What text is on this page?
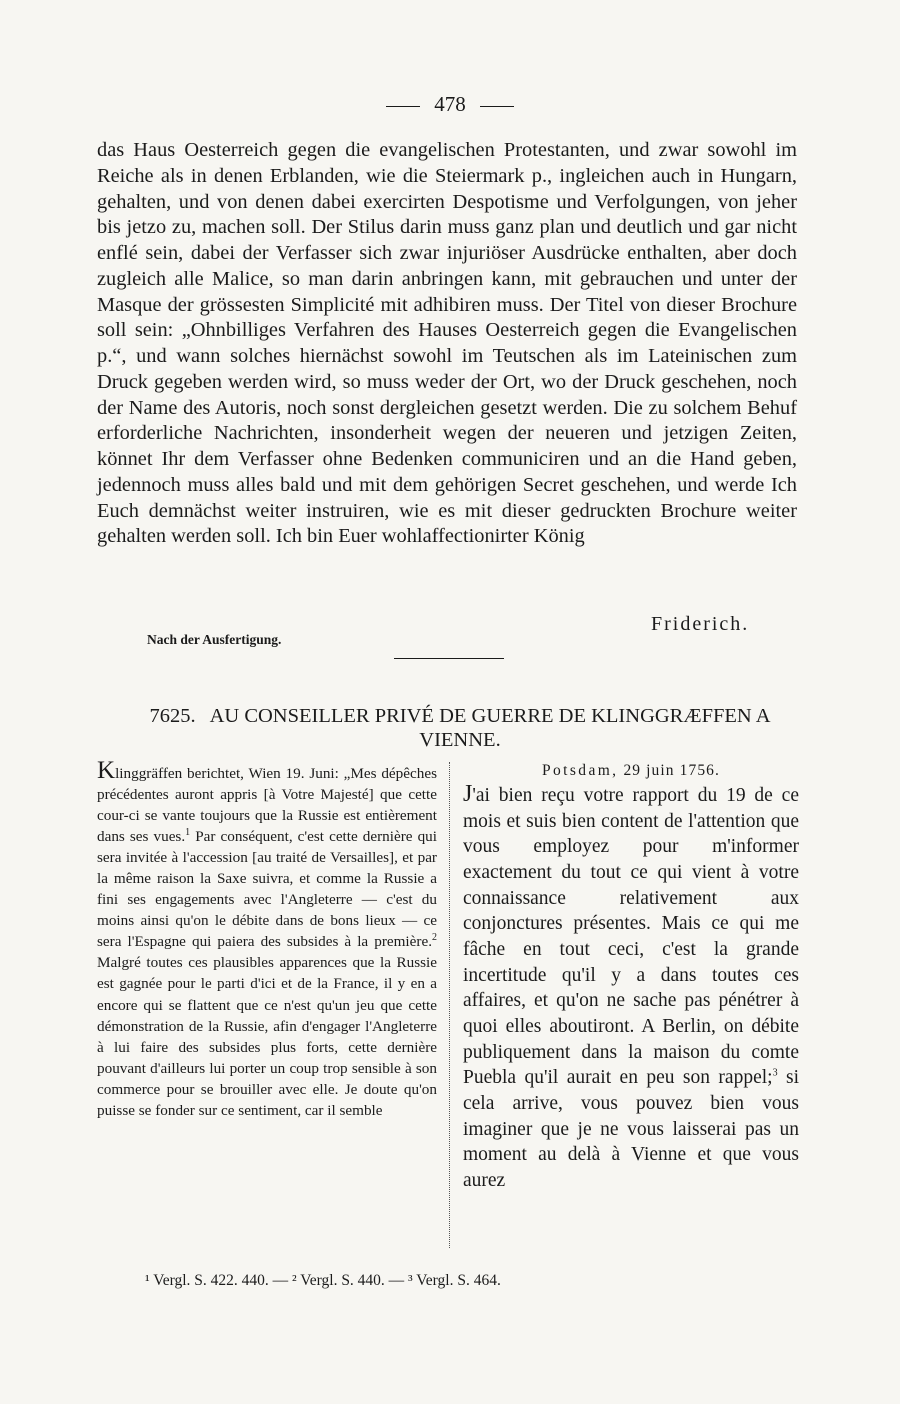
478

das Haus Oesterreich gegen die evangelischen Protestanten, und zwar sowohl im Reiche als in denen Erblanden, wie die Steiermark p., ingleichen auch in Hungarn, gehalten, und von denen dabei exercirten Despotisme und Verfolgungen, von jeher bis jetzo zu, machen soll. Der Stilus darin muss ganz plan und deutlich und gar nicht enflé sein, dabei der Verfasser sich zwar injuriöser Ausdrücke enthalten, aber doch zugleich alle Malice, so man darin anbringen kann, mit gebrauchen und unter der Masque der grössesten Simplicité mit adhibiren muss. Der Titel von dieser Brochure soll sein: „Ohnbilliges Verfahren des Hauses Oesterreich gegen die Evangelischen p.“, und wann solches hiernächst sowohl im Teutschen als im Lateinischen zum Druck gegeben werden wird, so muss weder der Ort, wo der Druck geschehen, noch der Name des Autoris, noch sonst dergleichen gesetzt werden. Die zu solchem Behuf erforderliche Nachrichten, insonderheit wegen der neueren und jetzigen Zeiten, könnet Ihr dem Verfasser ohne Bedenken communiciren und an die Hand geben, jedennoch muss alles bald und mit dem gehörigen Secret geschehen, und werde Ich Euch demnächst weiter instruiren, wie es mit dieser gedruckten Brochure weiter gehalten werden soll. Ich bin Euer wohlaffectionirter König

Friderich.
Nach der Ausfertigung.
7625. AU CONSEILLER PRIVÉ DE GUERRE DE KLINGGRÆFFEN A VIENNE.

Klinggräffen berichtet, Wien 19. Juni: „Mes dépêches précédentes auront appris [à Votre Majesté] que cette cour-ci se vante toujours que la Russie est entièrement dans ses vues.$^1$ Par conséquent, c'est cette dernière qui sera invitée à l'accession [au traité de Versailles], et par la même raison la Saxe suivra, et comme la Russie a fini ses engagements avec l'Angleterre — c'est du moins ainsi qu'on le débite dans de bons lieux — ce sera l'Espagne qui paiera des subsides à la première.$^2$ Malgré toutes ces plausibles apparences que la Russie est gagnée pour le parti d'ici et de la France, il y en a encore qui se flattent que ce n'est qu'un jeu que cette démonstration de la Russie, afin d'engager l'Angleterre à lui faire des subsides plus forts, cette dernière pouvant d'ailleurs lui porter un coup trop sensible à son commerce pour se brouiller avec elle. Je doute qu'on puisse se fonder sur ce sentiment, car il semble

Potsdam, 29 juin 1756.

J'ai bien reçu votre rapport du 19 de ce mois et suis bien content de l'attention que vous employez pour m'informer exactement du tout ce qui vient à votre connaissance relativement aux conjonctures présentes. Mais ce qui me fâche en tout ceci, c'est la grande incertitude qu'il y a dans toutes ces affaires, et qu'on ne sache pas pénétrer à quoi elles aboutiront. A Berlin, on débite publiquement dans la maison du comte Puebla qu'il aurait en peu son rappel;$^3$ si cela arrive, vous pouvez bien vous imaginer que je ne vous laisserai pas un moment au delà à Vienne et que vous aurez

¹ Vergl. S. 422. 440. — ² Vergl. S. 440. — ³ Vergl. S. 464.
